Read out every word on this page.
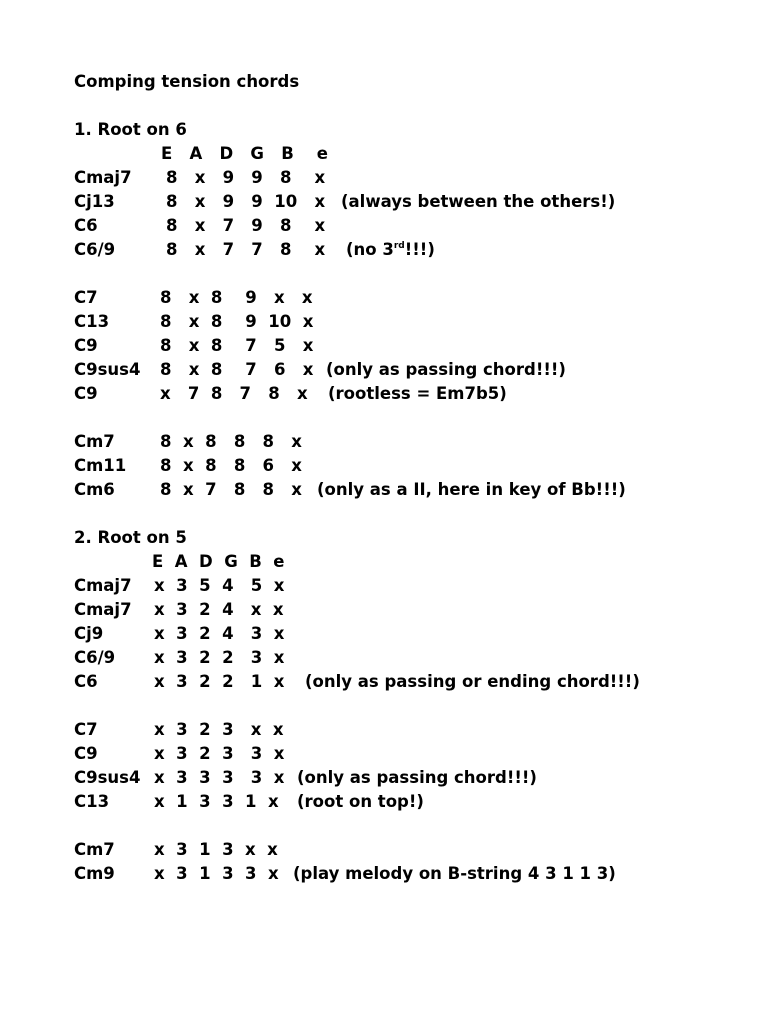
Comping tension chords
1. Root on 6
E   A   D   G   B    e
Cmaj7 8   x   9   9   8    x
Cj13	8   x   9   9  10   x (always between the others!)
C6	8   x   7   9   8    x
C6/9	8   x   7   7   8    x (no 3rd!!!)
C7	8   x  8    9   x   x
C13	8   x  8    9  10  x
C9	8   x  8    7   5   x
C9sus4 8   x  8    7   6   x (only as passing chord!!!)
C9	x   7  8   7   8   x (rootless = Em7b5)
Cm7	8  x  8   8   8   x
Cm11 8  x  8   8   6   x
Cm6	8  x  7   8   8   x (only as a II, here in key of Bb!!!)
2. Root on 5
E  A  D  G  B  e
Cmaj7 x  3  5  4   5  x
Cmaj7 x  3  2  4   x  x
Cj9	x  3  2  4   3  x
C6/9 x  3  2  2   3  x
C6	x  3  2  2   1  x (only as passing or ending chord!!!)
C7	x  3  2  3   x  x
C9	x  3  2  3   3  x
C9sus4 x  3  3  3   3  x (only as passing chord!!!)
C13	x  1  3  3  1  x (root on top!)
Cm7 x  3  1  3  x  x
Cm9 x  3  1  3  3  x (play melody on B-string 4 3 1 1 3)
